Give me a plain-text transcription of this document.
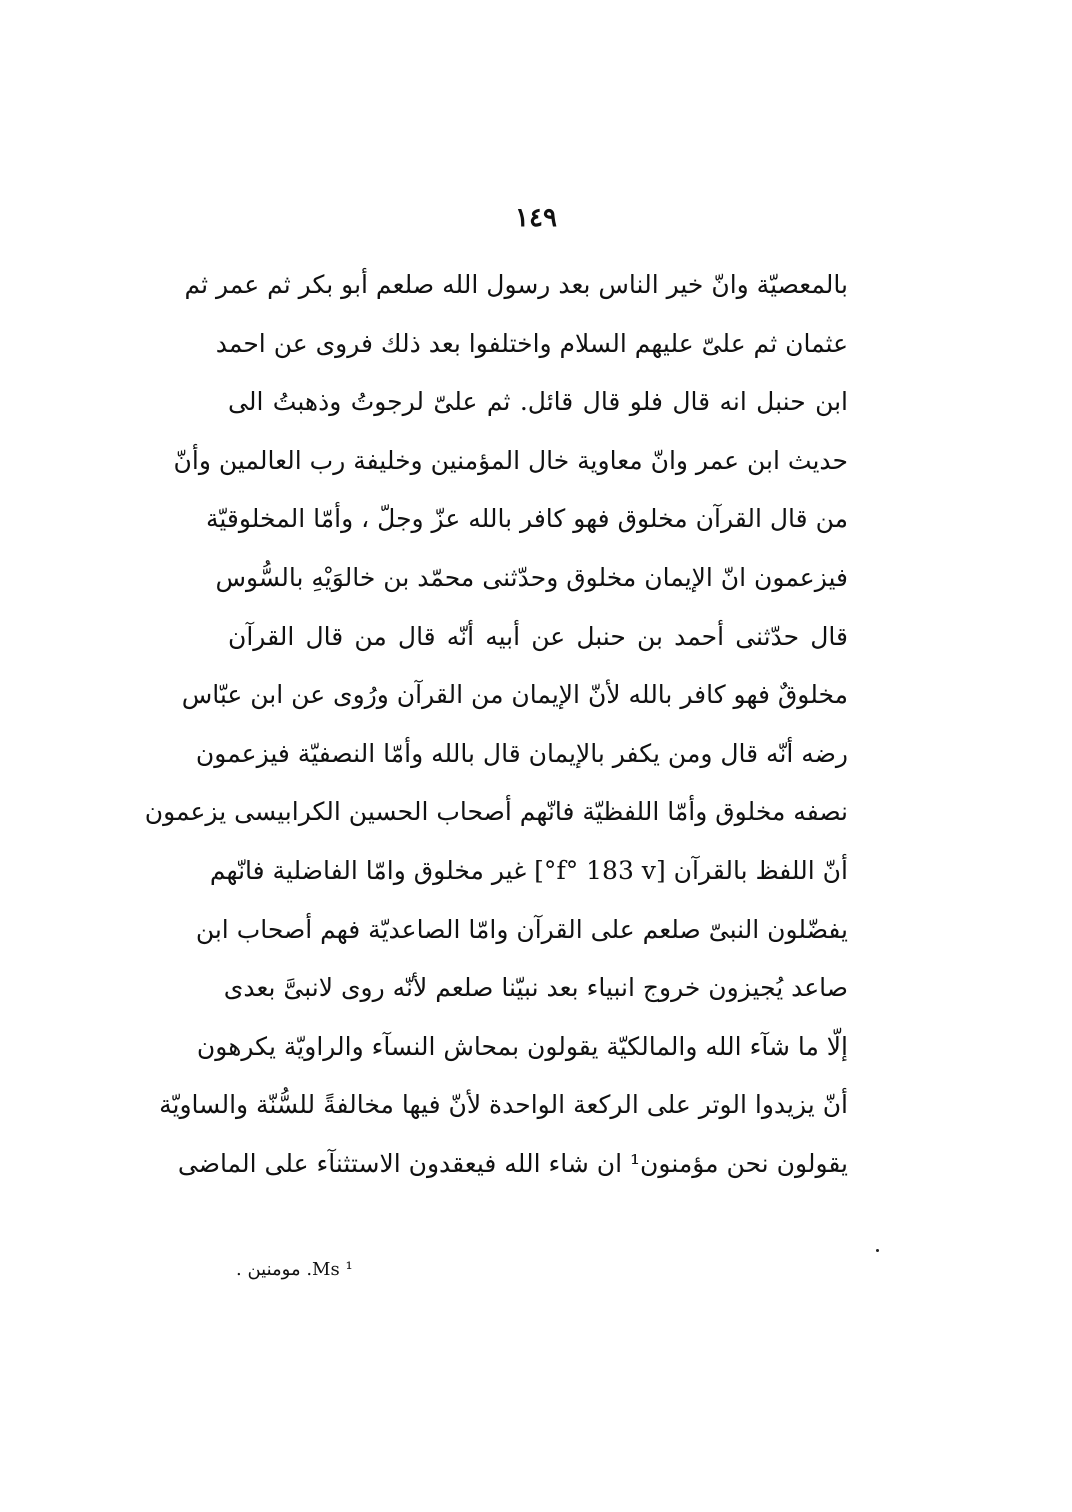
١٤٩
بالمعصيّة وانّ خير الناس بعد رسول الله صلعم أبو بكر ثم عمر ثم
عثمان ثم علىّ عليهم السلام واختلفوا بعد ذلك فروى عن احمد
ابن حنبل انه قال فلو قال قائل. ثم علىّ لرجوتُ وذهبتُ الى
حديث ابن عمر وانّ معاوية خال المؤمنين وخليفة رب العالمين وأنّ
من قال القرآن مخلوق فهو كافر بالله عزّ وجلّ ، وأمّا المخلوقيّة
فيزعمون انّ الإيمان مخلوق وحدّثنى محمّد بن خالوَيْهِ بالسُّوس
قال حدّثنى أحمد بن حنبل عن أبيه أنّه قال من قال القرآن
مخلوقٌ فهو كافر بالله لأنّ الإيمان من القرآن ورُوى عن ابن عبّاس
رضه أنّه قال ومن يكفر بالإيمان قال بالله وأمّا النصفيّة فيزعمون
نصفه مخلوق وأمّا اللفظيّة فانّهم أصحاب الحسين الكرابيسى يزعمون
أنّ اللفظ بالقرآن [f° 183 v°] غير مخلوق وامّا الفاضلية فانّهم
يفضّلون النبىّ صلعم على القرآن وامّا الصاعديّة فهم أصحاب ابن
صاعد يُجيزون خروج انبياء بعد نبيّنا صلعم لأنّه روى لانبىَّ بعدى
إلّا ما شآء الله والمالكيّة يقولون بمحاش النسآء والراويّة يكرهون
أنّ يزيدوا الوتر على الركعة الواحدة لأنّ فيها مخالفةً للسُّنّة والساويّة
يقولون نحن مؤمنون¹ ان شاء الله فيعقدون الاستثنآء على الماضى
¹ Ms. مومنين .
